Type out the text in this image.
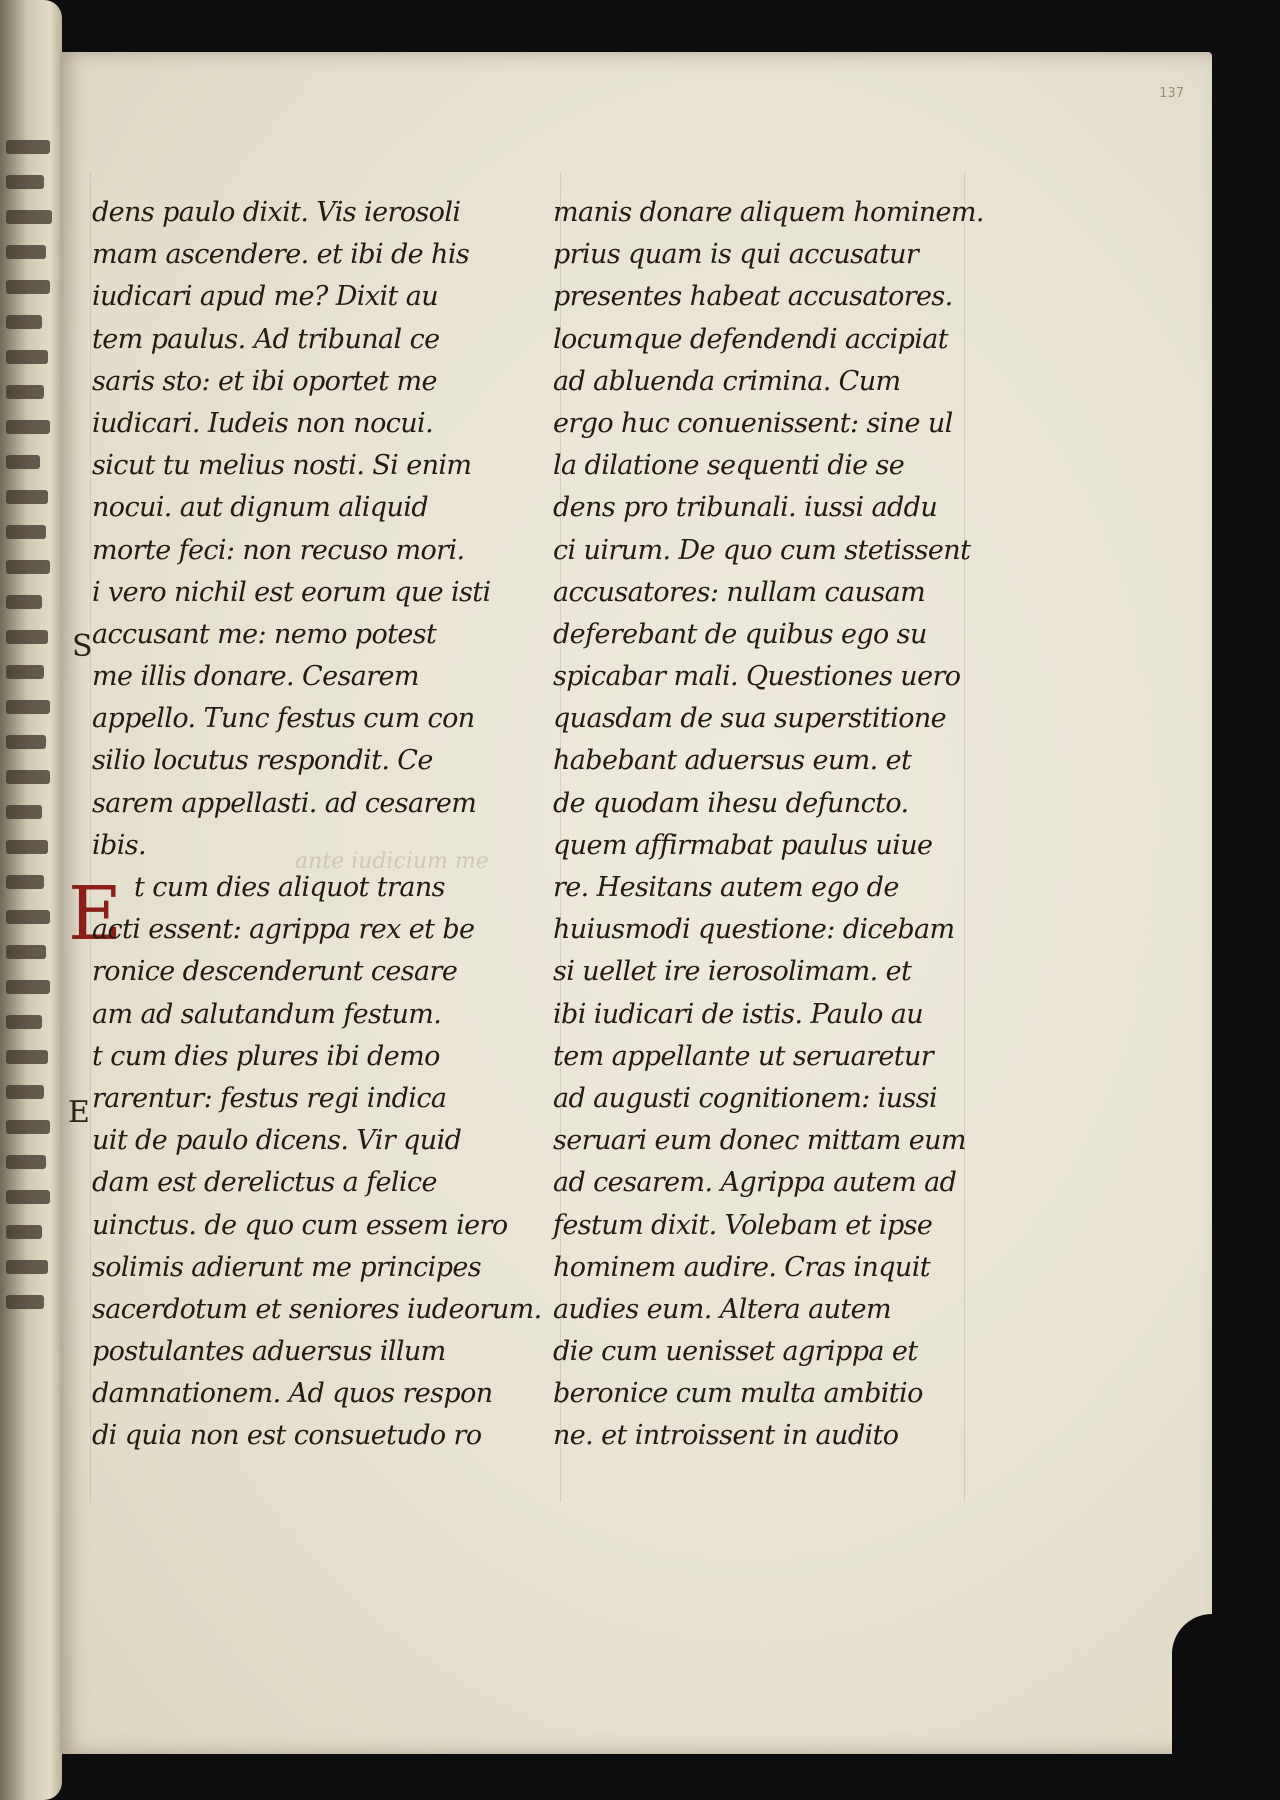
137
ante iudicium me
E
S
E
dens paulo dixit. Vis ierosoli
mam ascendere. et ibi de his
iudicari apud me? Dixit au
tem paulus. Ad tribunal ce
saris sto: et ibi oportet me
iudicari. Iudeis non nocui.
sicut tu melius nosti. Si enim
nocui. aut dignum aliquid
morte feci: non recuso mori.
i vero nichil est eorum que isti
accusant me: nemo potest
me illis donare. Cesarem
appello. Tunc festus cum con
silio locutus respondit. Ce
sarem appellasti. ad cesarem
ibis.
t cum dies aliquot trans
acti essent: agrippa rex et be
ronice descenderunt cesare
am ad salutandum festum.
t cum dies plures ibi demo
rarentur: festus regi indica
uit de paulo dicens. Vir quid
dam est derelictus a felice
uinctus. de quo cum essem iero
solimis adierunt me principes
sacerdotum et seniores iudeorum.
postulantes aduersus illum
damnationem. Ad quos respon
di quia non est consuetudo ro
manis donare aliquem hominem.
prius quam is qui accusatur
presentes habeat accusatores.
locumque defendendi accipiat
ad abluenda crimina. Cum
ergo huc conuenissent: sine ul
la dilatione sequenti die se
dens pro tribunali. iussi addu
ci uirum. De quo cum stetissent
accusatores: nullam causam
deferebant de quibus ego su
spicabar mali. Questiones uero
quasdam de sua superstitione
habebant aduersus eum. et
de quodam ihesu defuncto.
quem affirmabat paulus uiue
re. Hesitans autem ego de
huiusmodi questione: dicebam
si uellet ire ierosolimam. et
ibi iudicari de istis. Paulo au
tem appellante ut seruaretur
ad augusti cognitionem: iussi
seruari eum donec mittam eum
ad cesarem. Agrippa autem ad
festum dixit. Volebam et ipse
hominem audire. Cras inquit
audies eum. Altera autem
die cum uenisset agrippa et
beronice cum multa ambitio
ne. et introissent in audito
